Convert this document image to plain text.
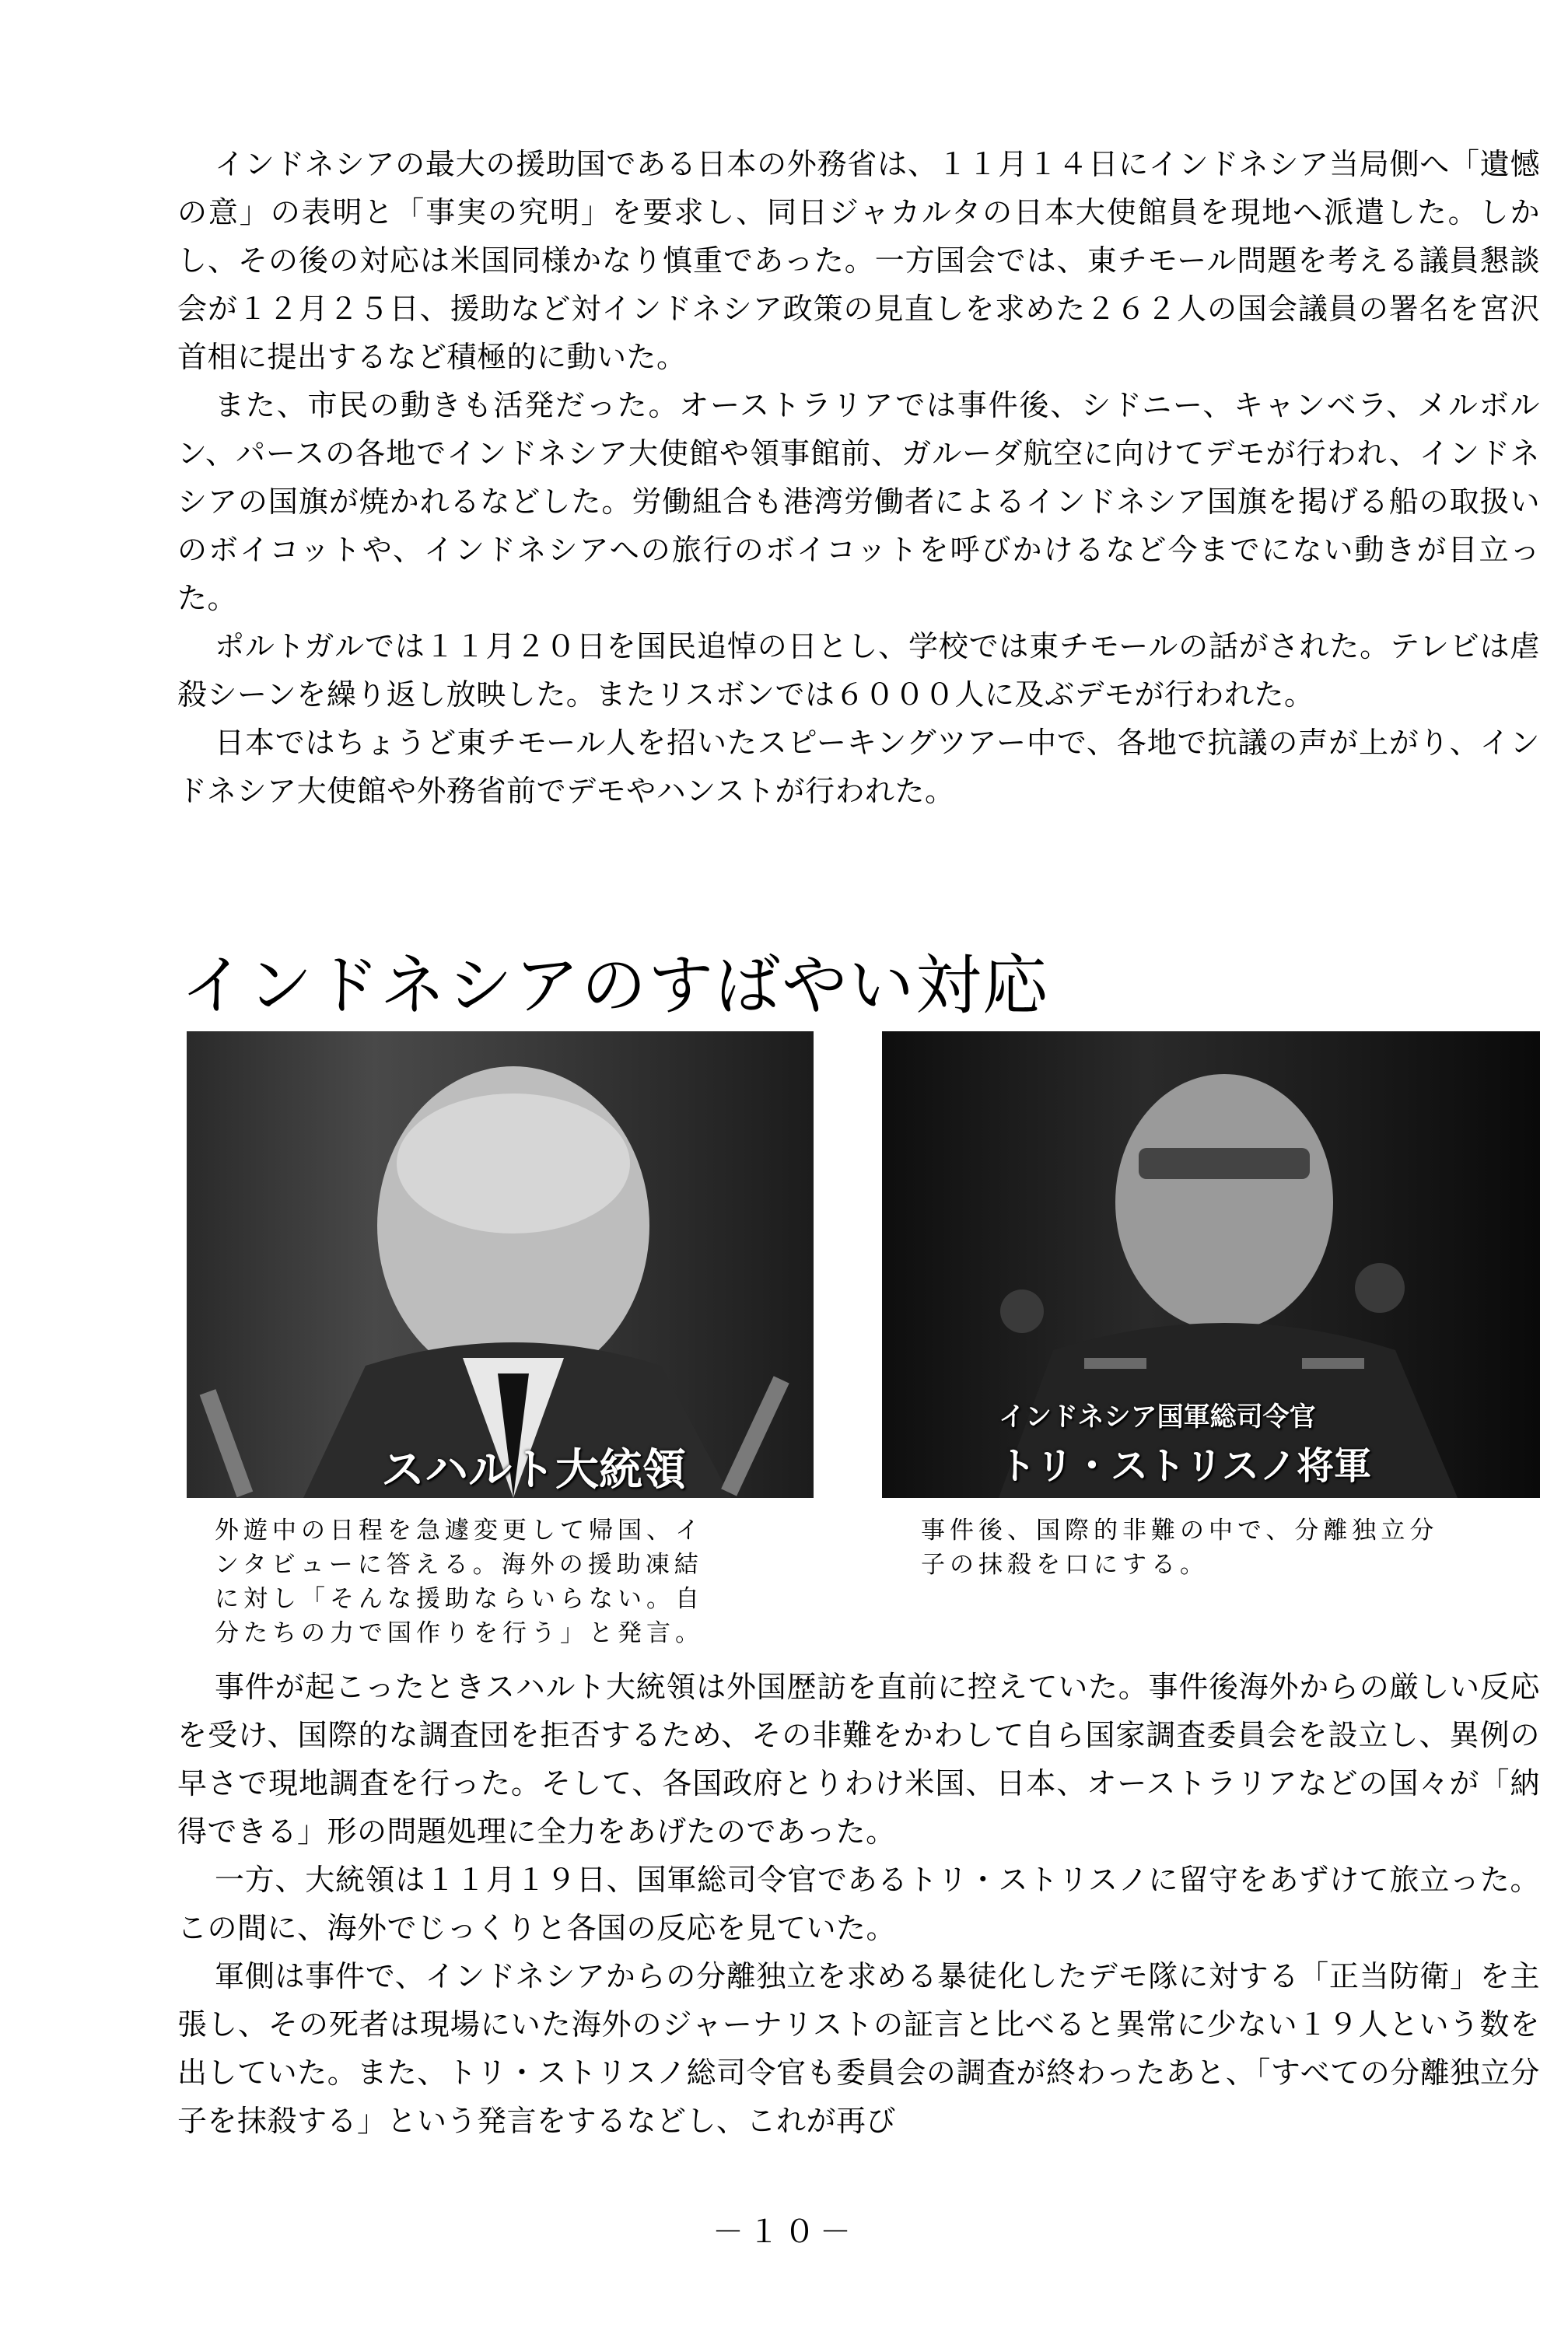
インドネシアの最大の援助国である日本の外務省は、１１月１４日にインドネシア当局側へ「遺憾の意」の表明と「事実の究明」を要求し、同日ジャカルタの日本大使館員を現地へ派遣した。しかし、その後の対応は米国同様かなり慎重であった。一方国会では、東チモール問題を考える議員懇談会が１２月２５日、援助など対インドネシア政策の見直しを求めた２６２人の国会議員の署名を宮沢首相に提出するなど積極的に動いた。

また、市民の動きも活発だった。オーストラリアでは事件後、シドニー、キャンベラ、メルボルン、パースの各地でインドネシア大使館や領事館前、ガルーダ航空に向けてデモが行われ、インドネシアの国旗が焼かれるなどした。労働組合も港湾労働者によるインドネシア国旗を掲げる船の取扱いのボイコットや、インドネシアへの旅行のボイコットを呼びかけるなど今までにない動きが目立った。

ポルトガルでは１１月２０日を国民追悼の日とし、学校では東チモールの話がされた。テレビは虐殺シーンを繰り返し放映した。またリスボンでは６０００人に及ぶデモが行われた。

日本ではちょうど東チモール人を招いたスピーキングツアー中で、各地で抗議の声が上がり、インドネシア大使館や外務省前でデモやハンストが行われた。

インドネシアのすばやい対応
スハルト大統領
インドネシア国軍総司令官
トリ・ストリスノ将軍
外遊中の日程を急遽変更して帰国、イ
ンタビューに答える。海外の援助凍結
に対し「そんな援助ならいらない。自
分たちの力で国作りを行う」と発言。
事件後、国際的非難の中で、分離独立分
子の抹殺を口にする。

事件が起こったときスハルト大統領は外国歴訪を直前に控えていた。事件後海外からの厳しい反応を受け、国際的な調査団を拒否するため、その非難をかわして自ら国家調査委員会を設立し、異例の早さで現地調査を行った。そして、各国政府とりわけ米国、日本、オーストラリアなどの国々が「納得できる」形の問題処理に全力をあげたのであった。

一方、大統領は１１月１９日、国軍総司令官であるトリ・ストリスノに留守をあずけて旅立った。この間に、海外でじっくりと各国の反応を見ていた。

軍側は事件で、インドネシアからの分離独立を求める暴徒化したデモ隊に対する「正当防衛」を主張し、その死者は現場にいた海外のジャーナリストの証言と比べると異常に少ない１９人という数を出していた。また、トリ・ストリスノ総司令官も委員会の調査が終わったあと、「すべての分離独立分子を抹殺する」という発言をするなどし、これが再び

－１０－
